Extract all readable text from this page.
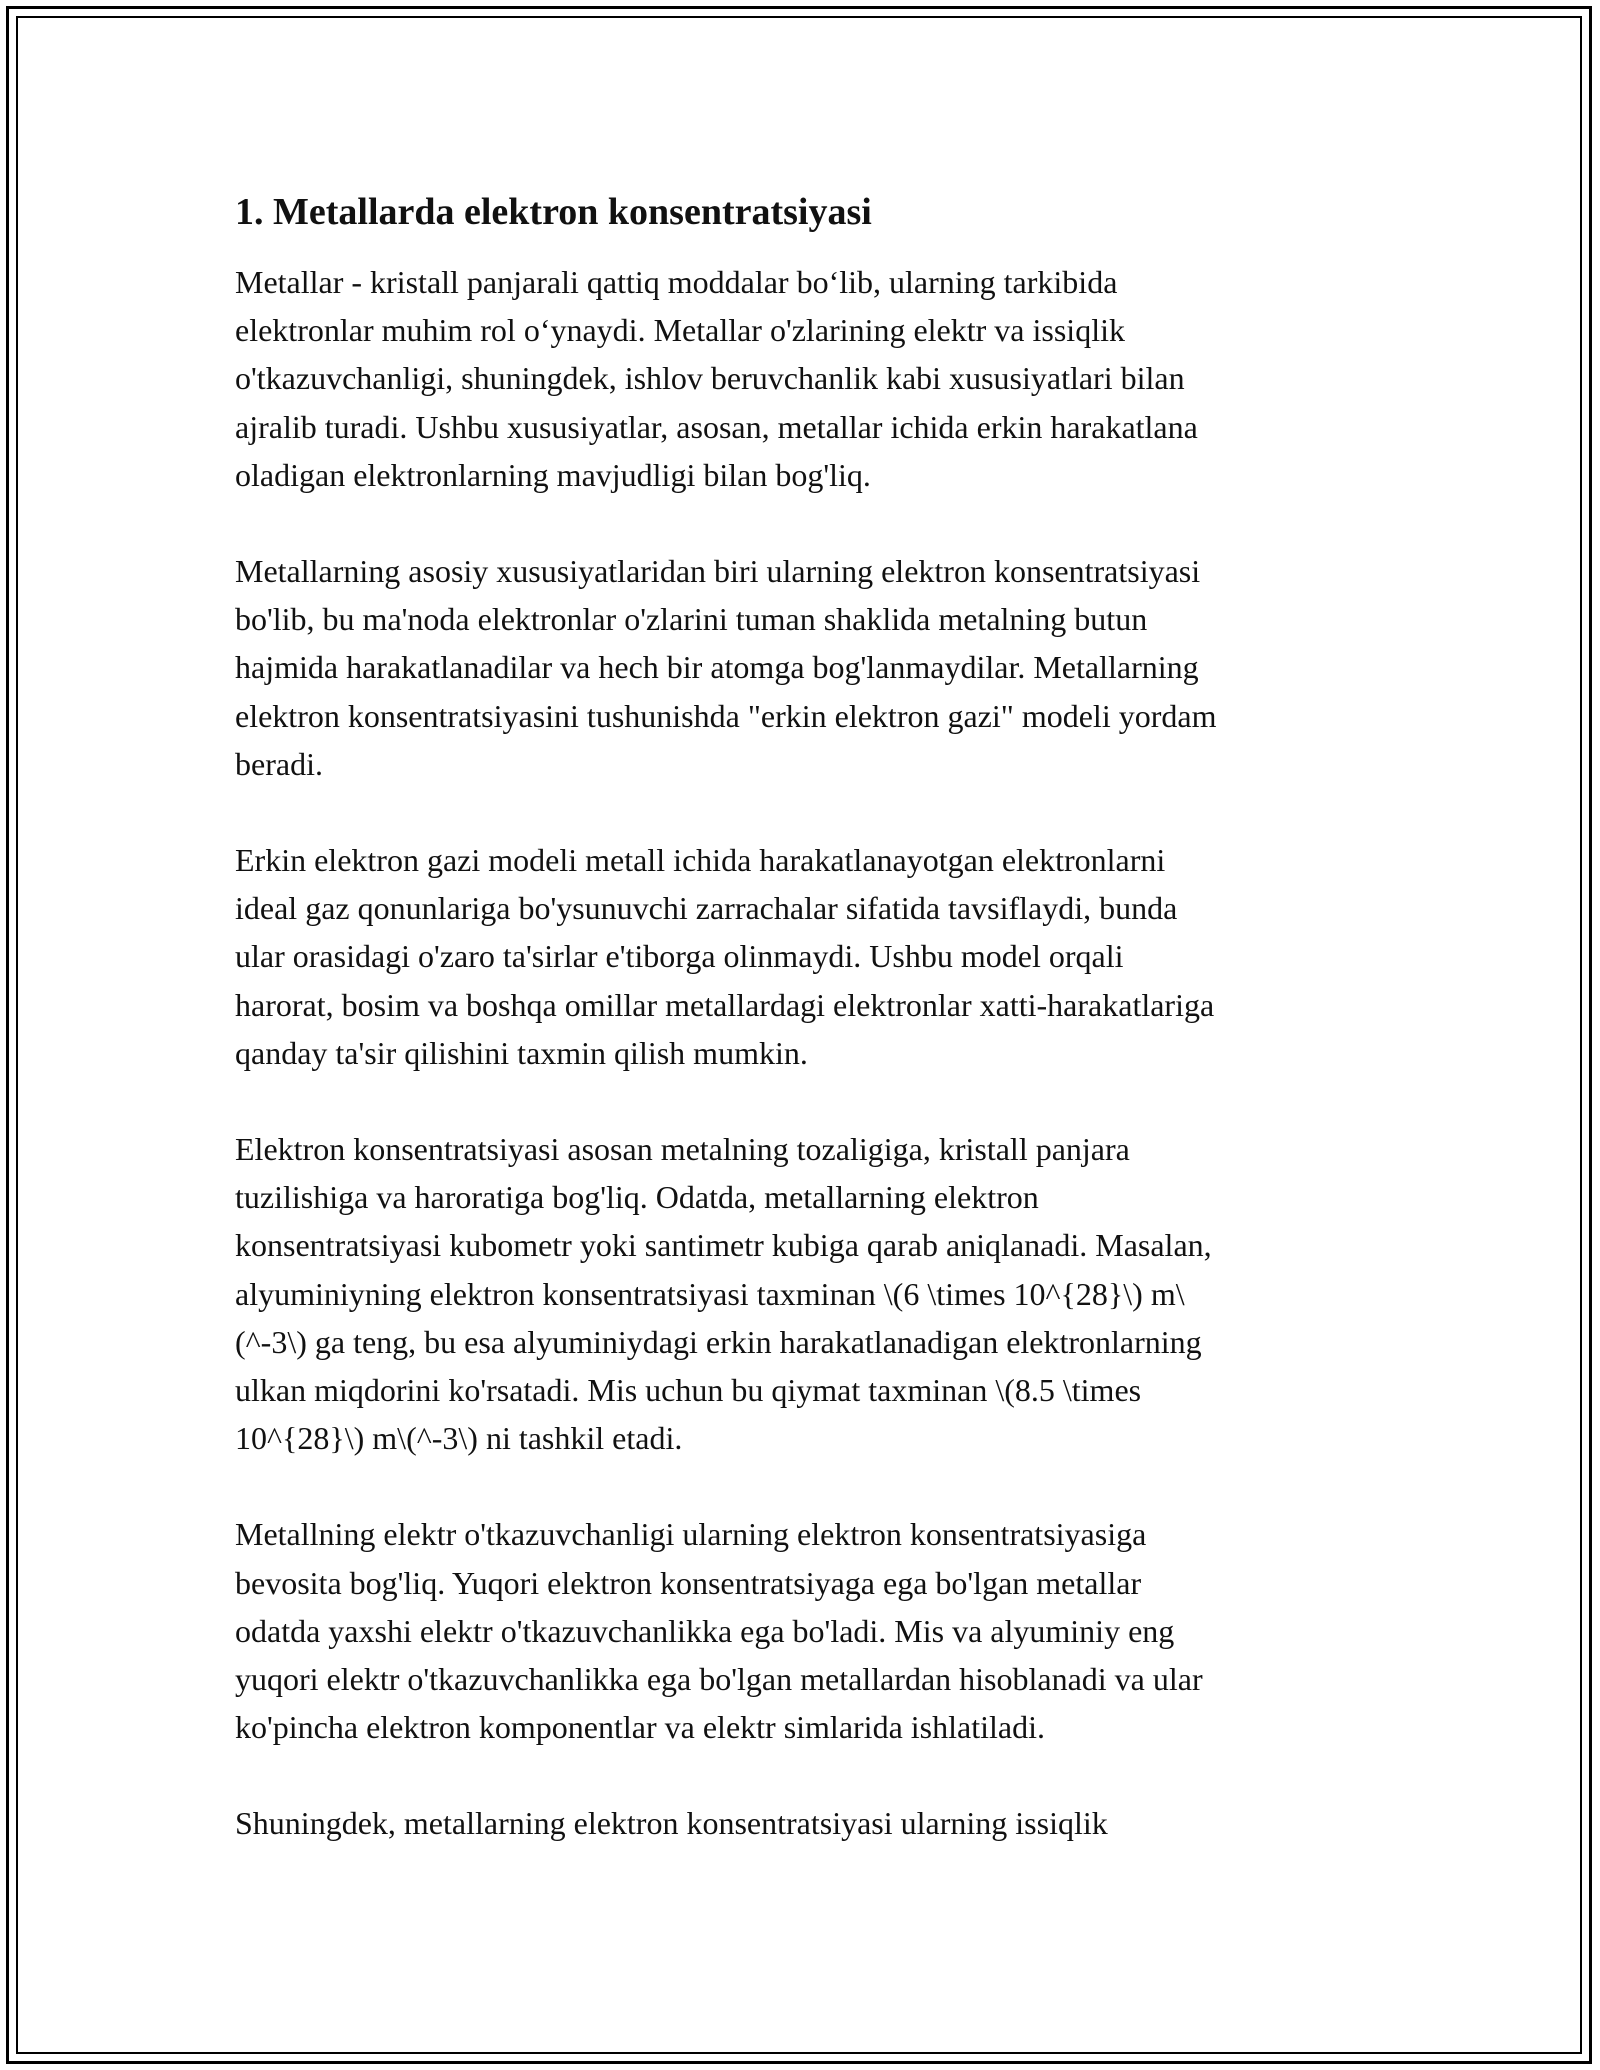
1. Metallarda elektron konsentratsiyasi
Metallar - kristall panjarali qattiq moddalar bo‘lib, ularning tarkibida
elektronlar muhim rol o‘ynaydi. Metallar o'zlarining elektr va issiqlik
o'tkazuvchanligi, shuningdek, ishlov beruvchanlik kabi xususiyatlari bilan
ajralib turadi. Ushbu xususiyatlar, asosan, metallar ichida erkin harakatlana
oladigan elektronlarning mavjudligi bilan bog'liq.
Metallarning asosiy xususiyatlaridan biri ularning elektron konsentratsiyasi
bo'lib, bu ma'noda elektronlar o'zlarini tuman shaklida metalning butun
hajmida harakatlanadilar va hech bir atomga bog'lanmaydilar. Metallarning
elektron konsentratsiyasini tushunishda "erkin elektron gazi" modeli yordam
beradi.
Erkin elektron gazi modeli metall ichida harakatlanayotgan elektronlarni
ideal gaz qonunlariga bo'ysunuvchi zarrachalar sifatida tavsiflaydi, bunda
ular orasidagi o'zaro ta'sirlar e'tiborga olinmaydi. Ushbu model orqali
harorat, bosim va boshqa omillar metallardagi elektronlar xatti-harakatlariga
qanday ta'sir qilishini taxmin qilish mumkin.
Elektron konsentratsiyasi asosan metalning tozaligiga, kristall panjara
tuzilishiga va haroratiga bog'liq. Odatda, metallarning elektron
konsentratsiyasi kubometr yoki santimetr kubiga qarab aniqlanadi. Masalan,
alyuminiyning elektron konsentratsiyasi taxminan \(6 \times 10^{28}\) m\
(^-3\) ga teng, bu esa alyuminiydagi erkin harakatlanadigan elektronlarning
ulkan miqdorini ko'rsatadi. Mis uchun bu qiymat taxminan \(8.5 \times
10^{28}\) m\(^-3\) ni tashkil etadi.
Metallning elektr o'tkazuvchanligi ularning elektron konsentratsiyasiga
bevosita bog'liq. Yuqori elektron konsentratsiyaga ega bo'lgan metallar
odatda yaxshi elektr o'tkazuvchanlikka ega bo'ladi. Mis va alyuminiy eng
yuqori elektr o'tkazuvchanlikka ega bo'lgan metallardan hisoblanadi va ular
ko'pincha elektron komponentlar va elektr simlarida ishlatiladi.
Shuningdek, metallarning elektron konsentratsiyasi ularning issiqlik
